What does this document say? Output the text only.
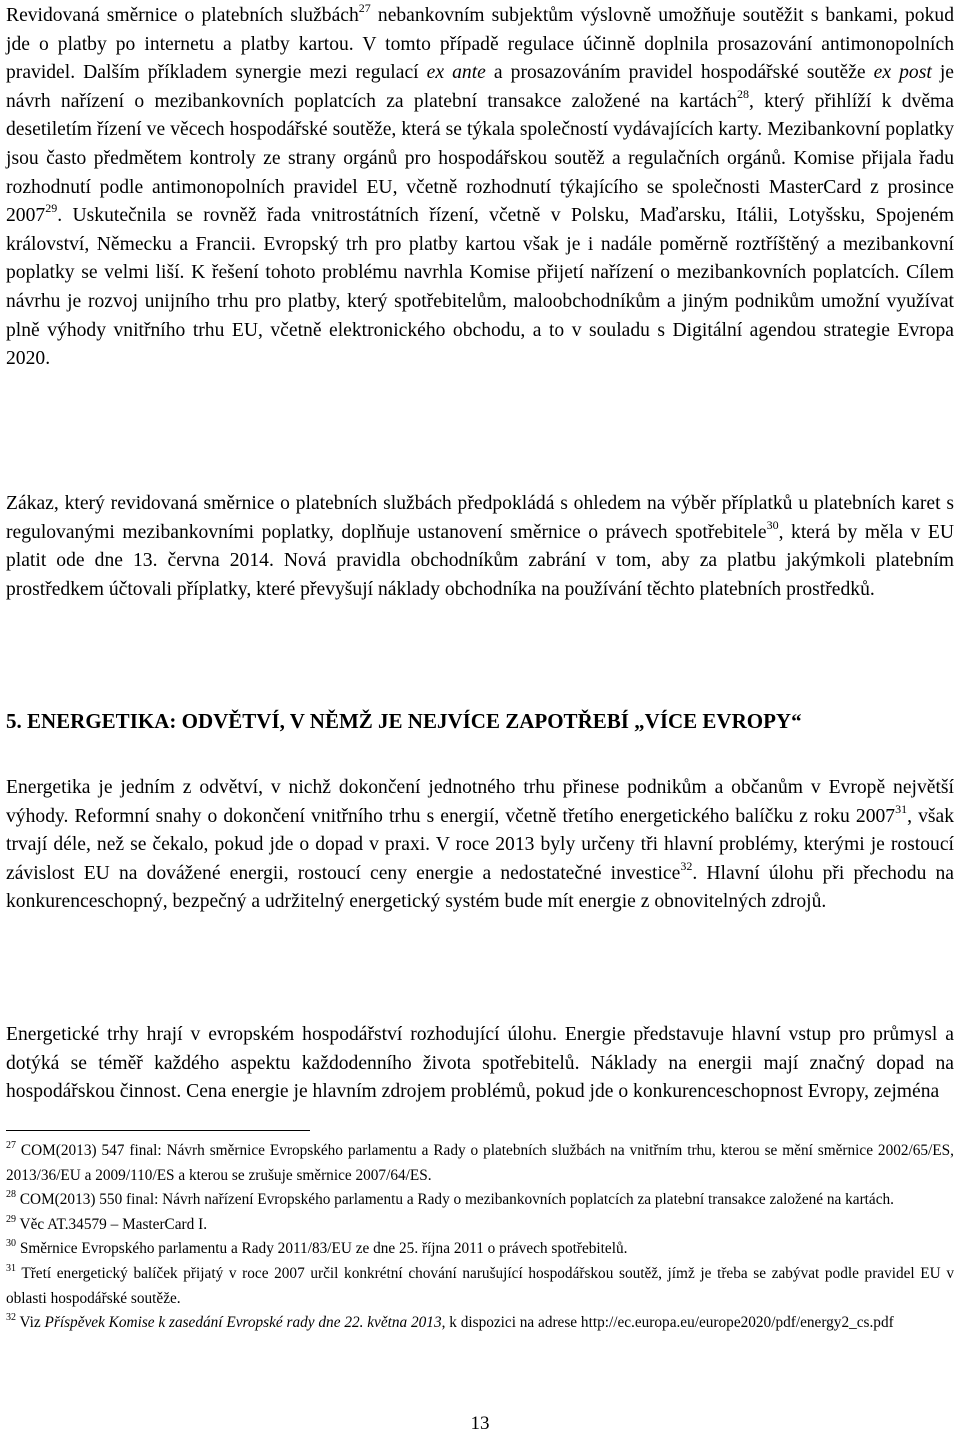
Revidovaná směrnice o platebních službách$^{27}$ nebankovním subjektům výslovně umožňuje soutěžit s bankami, pokud jde o platby po internetu a platby kartou. V tomto případě regulace účinně doplnila prosazování antimonopolních pravidel. Dalším příkladem synergie mezi regulací ex ante a prosazováním pravidel hospodářské soutěže ex post je návrh nařízení o mezibankovních poplatcích za platební transakce založené na kartách$^{28}$, který přihlíží k dvěma desetiletím řízení ve věcech hospodářské soutěže, která se týkala společností vydávajících karty. Mezibankovní poplatky jsou často předmětem kontroly ze strany orgánů pro hospodářskou soutěž a regulačních orgánů. Komise přijala řadu rozhodnutí podle antimonopolních pravidel EU, včetně rozhodnutí týkajícího se společnosti MasterCard z prosince 2007$^{29}$. Uskutečnila se rovněž řada vnitrostátních řízení, včetně v Polsku, Maďarsku, Itálii, Lotyšsku, Spojeném království, Německu a Francii. Evropský trh pro platby kartou však je i nadále poměrně roztříštěný a mezibankovní poplatky se velmi liší. K řešení tohoto problému navrhla Komise přijetí nařízení o mezibankovních poplatcích. Cílem návrhu je rozvoj unijního trhu pro platby, který spotřebitelům, maloobchodníkům a jiným podnikům umožní využívat plně výhody vnitřního trhu EU, včetně elektronického obchodu, a to v souladu s Digitální agendou strategie Evropa 2020.

Zákaz, který revidovaná směrnice o platebních službách předpokládá s ohledem na výběr příplatků u platebních karet s regulovanými mezibankovními poplatky, doplňuje ustanovení směrnice o právech spotřebitele$^{30}$, která by měla v EU platit ode dne 13. června 2014. Nová pravidla obchodníkům zabrání v tom, aby za platbu jakýmkoli platebním prostředkem účtovali příplatky, které převyšují náklady obchodníka na používání těchto platebních prostředků.

5. ENERGETIKA: ODVĚTVÍ, V NĚMŽ JE NEJVÍCE ZAPOTŘEBÍ „VÍCE EVROPY“

Energetika je jedním z odvětví, v nichž dokončení jednotného trhu přinese podnikům a občanům v Evropě největší výhody. Reformní snahy o dokončení vnitřního trhu s energií, včetně třetího energetického balíčku z roku 2007$^{31}$, však trvají déle, než se čekalo, pokud jde o dopad v praxi. V roce 2013 byly určeny tři hlavní problémy, kterými je rostoucí závislost EU na dovážené energii, rostoucí ceny energie a nedostatečné investice$^{32}$. Hlavní úlohu při přechodu na konkurenceschopný, bezpečný a udržitelný energetický systém bude mít energie z obnovitelných zdrojů.

Energetické trhy hrají v evropském hospodářství rozhodující úlohu. Energie představuje hlavní vstup pro průmysl a dotýká se téměř každého aspektu každodenního života spotřebitelů. Náklady na energii mají značný dopad na hospodářskou činnost. Cena energie je hlavním zdrojem problémů, pokud jde o konkurenceschopnost Evropy, zejména

$^{27}$ COM(2013) 547 final: Návrh směrnice Evropského parlamentu a Rady o platebních službách na vnitřním trhu, kterou se mění směrnice 2002/65/ES, 2013/36/EU a 2009/110/ES a kterou se zrušuje směrnice 2007/64/ES.

$^{28}$ COM(2013) 550 final: Návrh nařízení Evropského parlamentu a Rady o mezibankovních poplatcích za platební transakce založené na kartách.

$^{29}$ Věc AT.34579 – MasterCard I.

$^{30}$ Směrnice Evropského parlamentu a Rady 2011/83/EU ze dne 25. října 2011 o právech spotřebitelů.

$^{31}$ Třetí energetický balíček přijatý v roce 2007 určil konkrétní chování narušující hospodářskou soutěž, jímž je třeba se zabývat podle pravidel EU v oblasti hospodářské soutěže.

$^{32}$ Viz Příspěvek Komise k zasedání Evropské rady dne 22. května 2013, k dispozici na adrese http://ec.europa.eu/europe2020/pdf/energy2_cs.pdf

13
